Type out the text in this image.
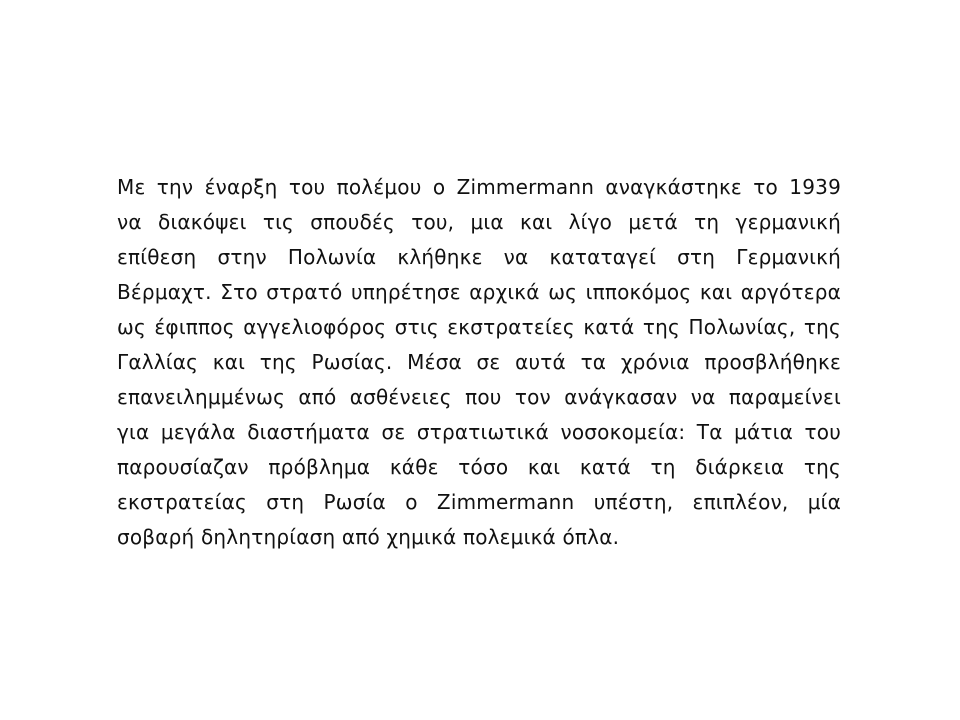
Με την έναρξη του πολέμου ο Zimmermann αναγκάστηκε το 1939
να διακόψει τις σπουδές του, μια και λίγο μετά τη γερμανική
επίθεση στην Πολωνία κλήθηκε να καταταγεί στη Γερμανική
Βέρμαχτ. Στο στρατό υπηρέτησε αρχικά ως ιπποκόμος και αργότερα
ως έφιππος αγγελιοφόρος στις εκστρατείες κατά της Πολωνίας, της
Γαλλίας και της Ρωσίας. Μέσα σε αυτά τα χρόνια προσβλήθηκε
επανειλημμένως από ασθένειες που τον ανάγκασαν να παραμείνει
για μεγάλα διαστήματα σε στρατιωτικά νοσοκομεία: Τα μάτια του
παρουσίαζαν πρόβλημα κάθε τόσο και κατά τη διάρκεια της
εκστρατείας στη Ρωσία ο Zimmermann υπέστη, επιπλέον, μία
σοβαρή δηλητηρίαση από χημικά πολεμικά όπλα.
